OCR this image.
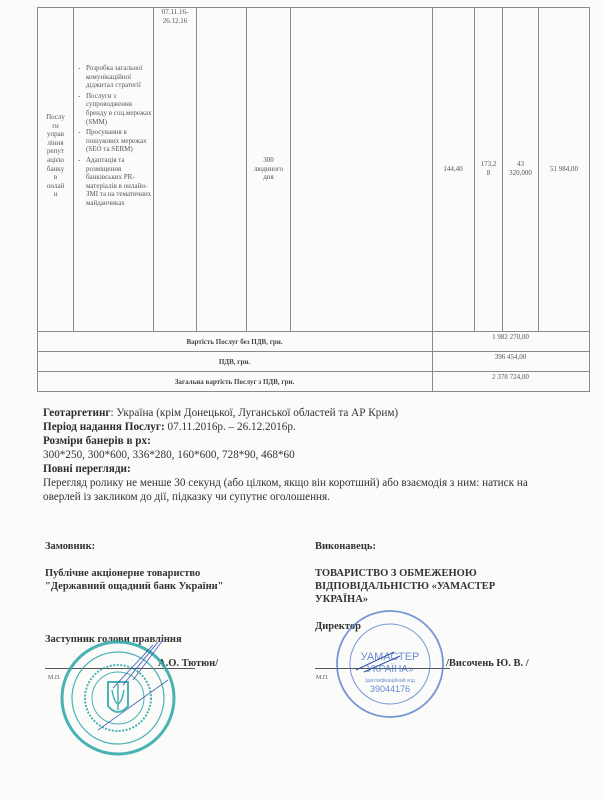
Послу
ги
управ
ління
репут
ацією
банку
в
онлай
н
- Розробка загальної комунікаційної діджитал стратегії
- Послуги з супроводження бренду в соц.мережах (SMM)
- Просування в пошукових мережах (SEO та SERM)
- Адаптація та розміщення банківських PR-матеріалів в онлайн-ЗМІ та на тематичних майданчиках
07.11.16-
26.12.16
300
людиного
дня
144,40
173,2
8
43
320,000	51 984,00
Вартість Послуг без ПДВ, грн.
1 982 270,00
ПДВ, грн.
396 454,00
Загальна вартість Послуг з ПДВ, грн.
2 378 724,00
Геотаргетинг: Україна (крім Донецької, Луганської областей та АР Крим)
Період надання Послуг: 07.11.2016р. – 26.12.2016р.
Розміри банерів в px:
300*250, 300*600, 336*280, 160*600, 728*90, 468*60
Повні перегляди:
Перегляд ролику не менше 30 секунд (або цілком, якщо він коротший) або взаємодія з ним: натиск на оверлей із закликом до дії, підказку чи супутнє оголошення.
Замовник:
Публічне акціонерне товариство
"Державний ощадний банк України"
Заступник голови правління
А.О. Тютюн/
М.П.
Виконавець:
ТОВАРИСТВО З ОБМЕЖЕНОЮ
ВІДПОВІДАЛЬНІСТЮ «УАМАСТЕР
УКРАЇНА»
Директор
/Височень Ю. В. /
М.П.
УАМАСТЕР
УКРАЇНА»
Ідентифікаційний код
39044176
